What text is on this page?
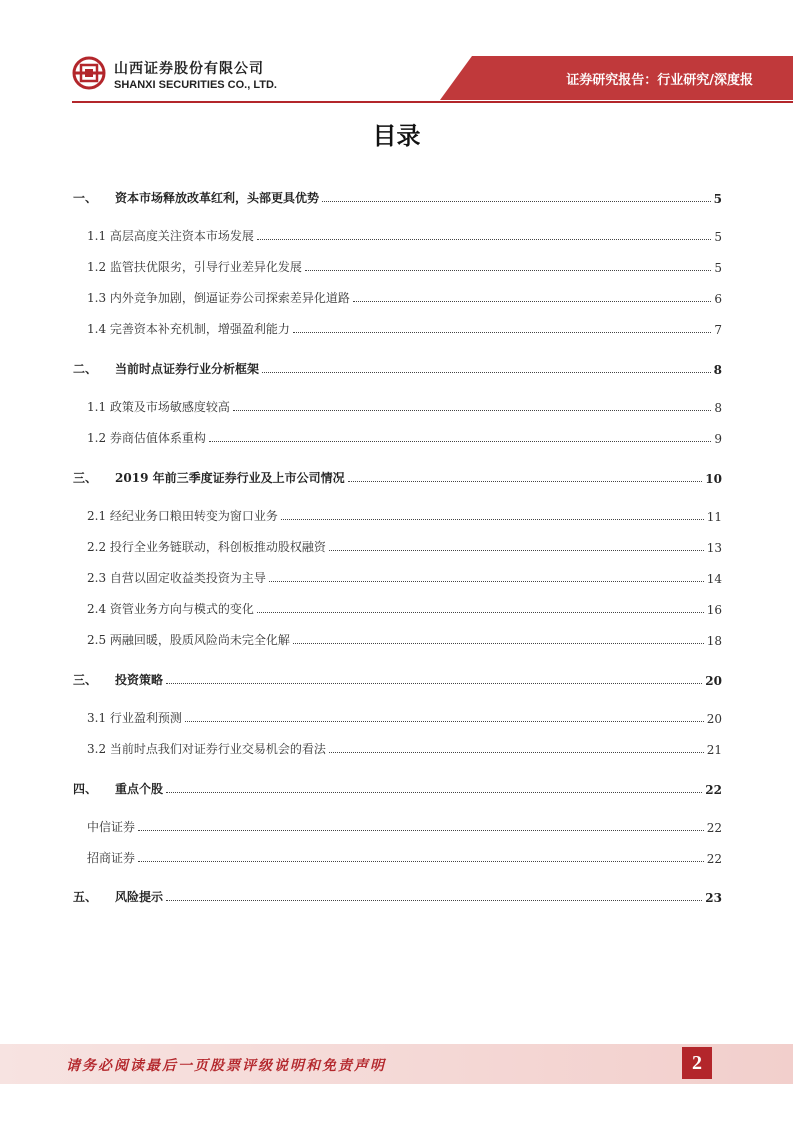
山西证券股份有限公司
SHANXI SECURITIES CO., LTD.	证券研究报告：行业研究/深度报
目录
一、 资本市场释放改革红利，头部更具优势	5
1.1 高层高度关注资本市场发展	5
1.2 监管扶优限劣，引导行业差异化发展	5
1.3 内外竞争加剧，倒逼证券公司探索差异化道路	6
1.4 完善资本补充机制，增强盈利能力	7
二、 当前时点证券行业分析框架	8
1.1 政策及市场敏感度较高	8
1.2 券商估值体系重构	9
三、 2019 年前三季度证券行业及上市公司情况	10
2.1 经纪业务口粮田转变为窗口业务	11
2.2 投行全业务链联动，科创板推动股权融资	13
2.3 自营以固定收益类投资为主导	14
2.4 资管业务方向与模式的变化	16
2.5 两融回暖，股质风险尚未完全化解	18
三、 投资策略	20
3.1 行业盈利预测	20
3.2 当前时点我们对证券行业交易机会的看法	21
四、 重点个股	22
中信证券	22
招商证券	22
五、 风险提示	23
请务必阅读最后一页股票评级说明和免责声明	2
